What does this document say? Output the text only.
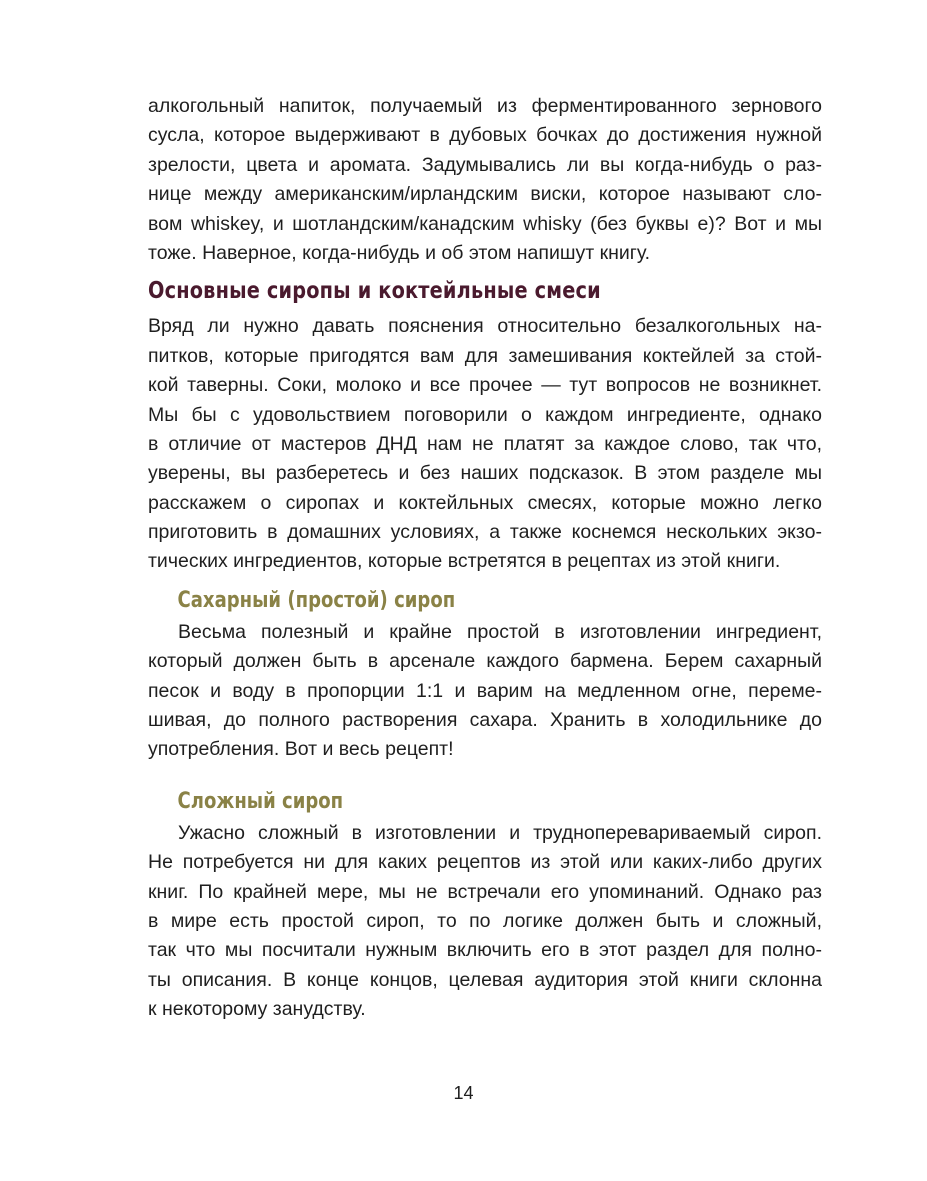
алкогольный напиток, получаемый из ферментированного зернового
сусла, которое выдерживают в дубовых бочках до достижения нужной
зрелости, цвета и аромата. Задумывались ли вы когда-нибудь о раз-
нице между американским/ирландским виски, которое называют сло-
вом whiskey, и шотландским/канадским whisky (без буквы e)? Вот и мы
тоже. Наверное, когда-нибудь и об этом напишут книгу.
Основные сиропы и коктейльные смеси
Вряд ли нужно давать пояснения относительно безалкогольных на-
питков, которые пригодятся вам для замешивания коктейлей за стой-
кой таверны. Соки, молоко и все прочее — тут вопросов не возникнет.
Мы бы с удовольствием поговорили о каждом ингредиенте, однако
в отличие от мастеров ДНД нам не платят за каждое слово, так что,
уверены, вы разберетесь и без наших подсказок. В этом разделе мы
расскажем о сиропах и коктейльных смесях, которые можно легко
приготовить в домашних условиях, а также коснемся нескольких экзо-
тических ингредиентов, которые встретятся в рецептах из этой книги.
Сахарный (простой) сироп
Весьма полезный и крайне простой в изготовлении ингредиент,
который должен быть в арсенале каждого бармена. Берем сахарный
песок и воду в пропорции 1:1 и варим на медленном огне, переме-
шивая, до полного растворения сахара. Хранить в холодильнике до
употребления. Вот и весь рецепт!
Сложный сироп
Ужасно сложный в изготовлении и трудноперевариваемый сироп.
Не потребуется ни для каких рецептов из этой или каких-либо других
книг. По крайней мере, мы не встречали его упоминаний. Однако раз
в мире есть простой сироп, то по логике должен быть и сложный,
так что мы посчитали нужным включить его в этот раздел для полно-
ты описания. В конце концов, целевая аудитория этой книги склонна
к некоторому занудству.
14
